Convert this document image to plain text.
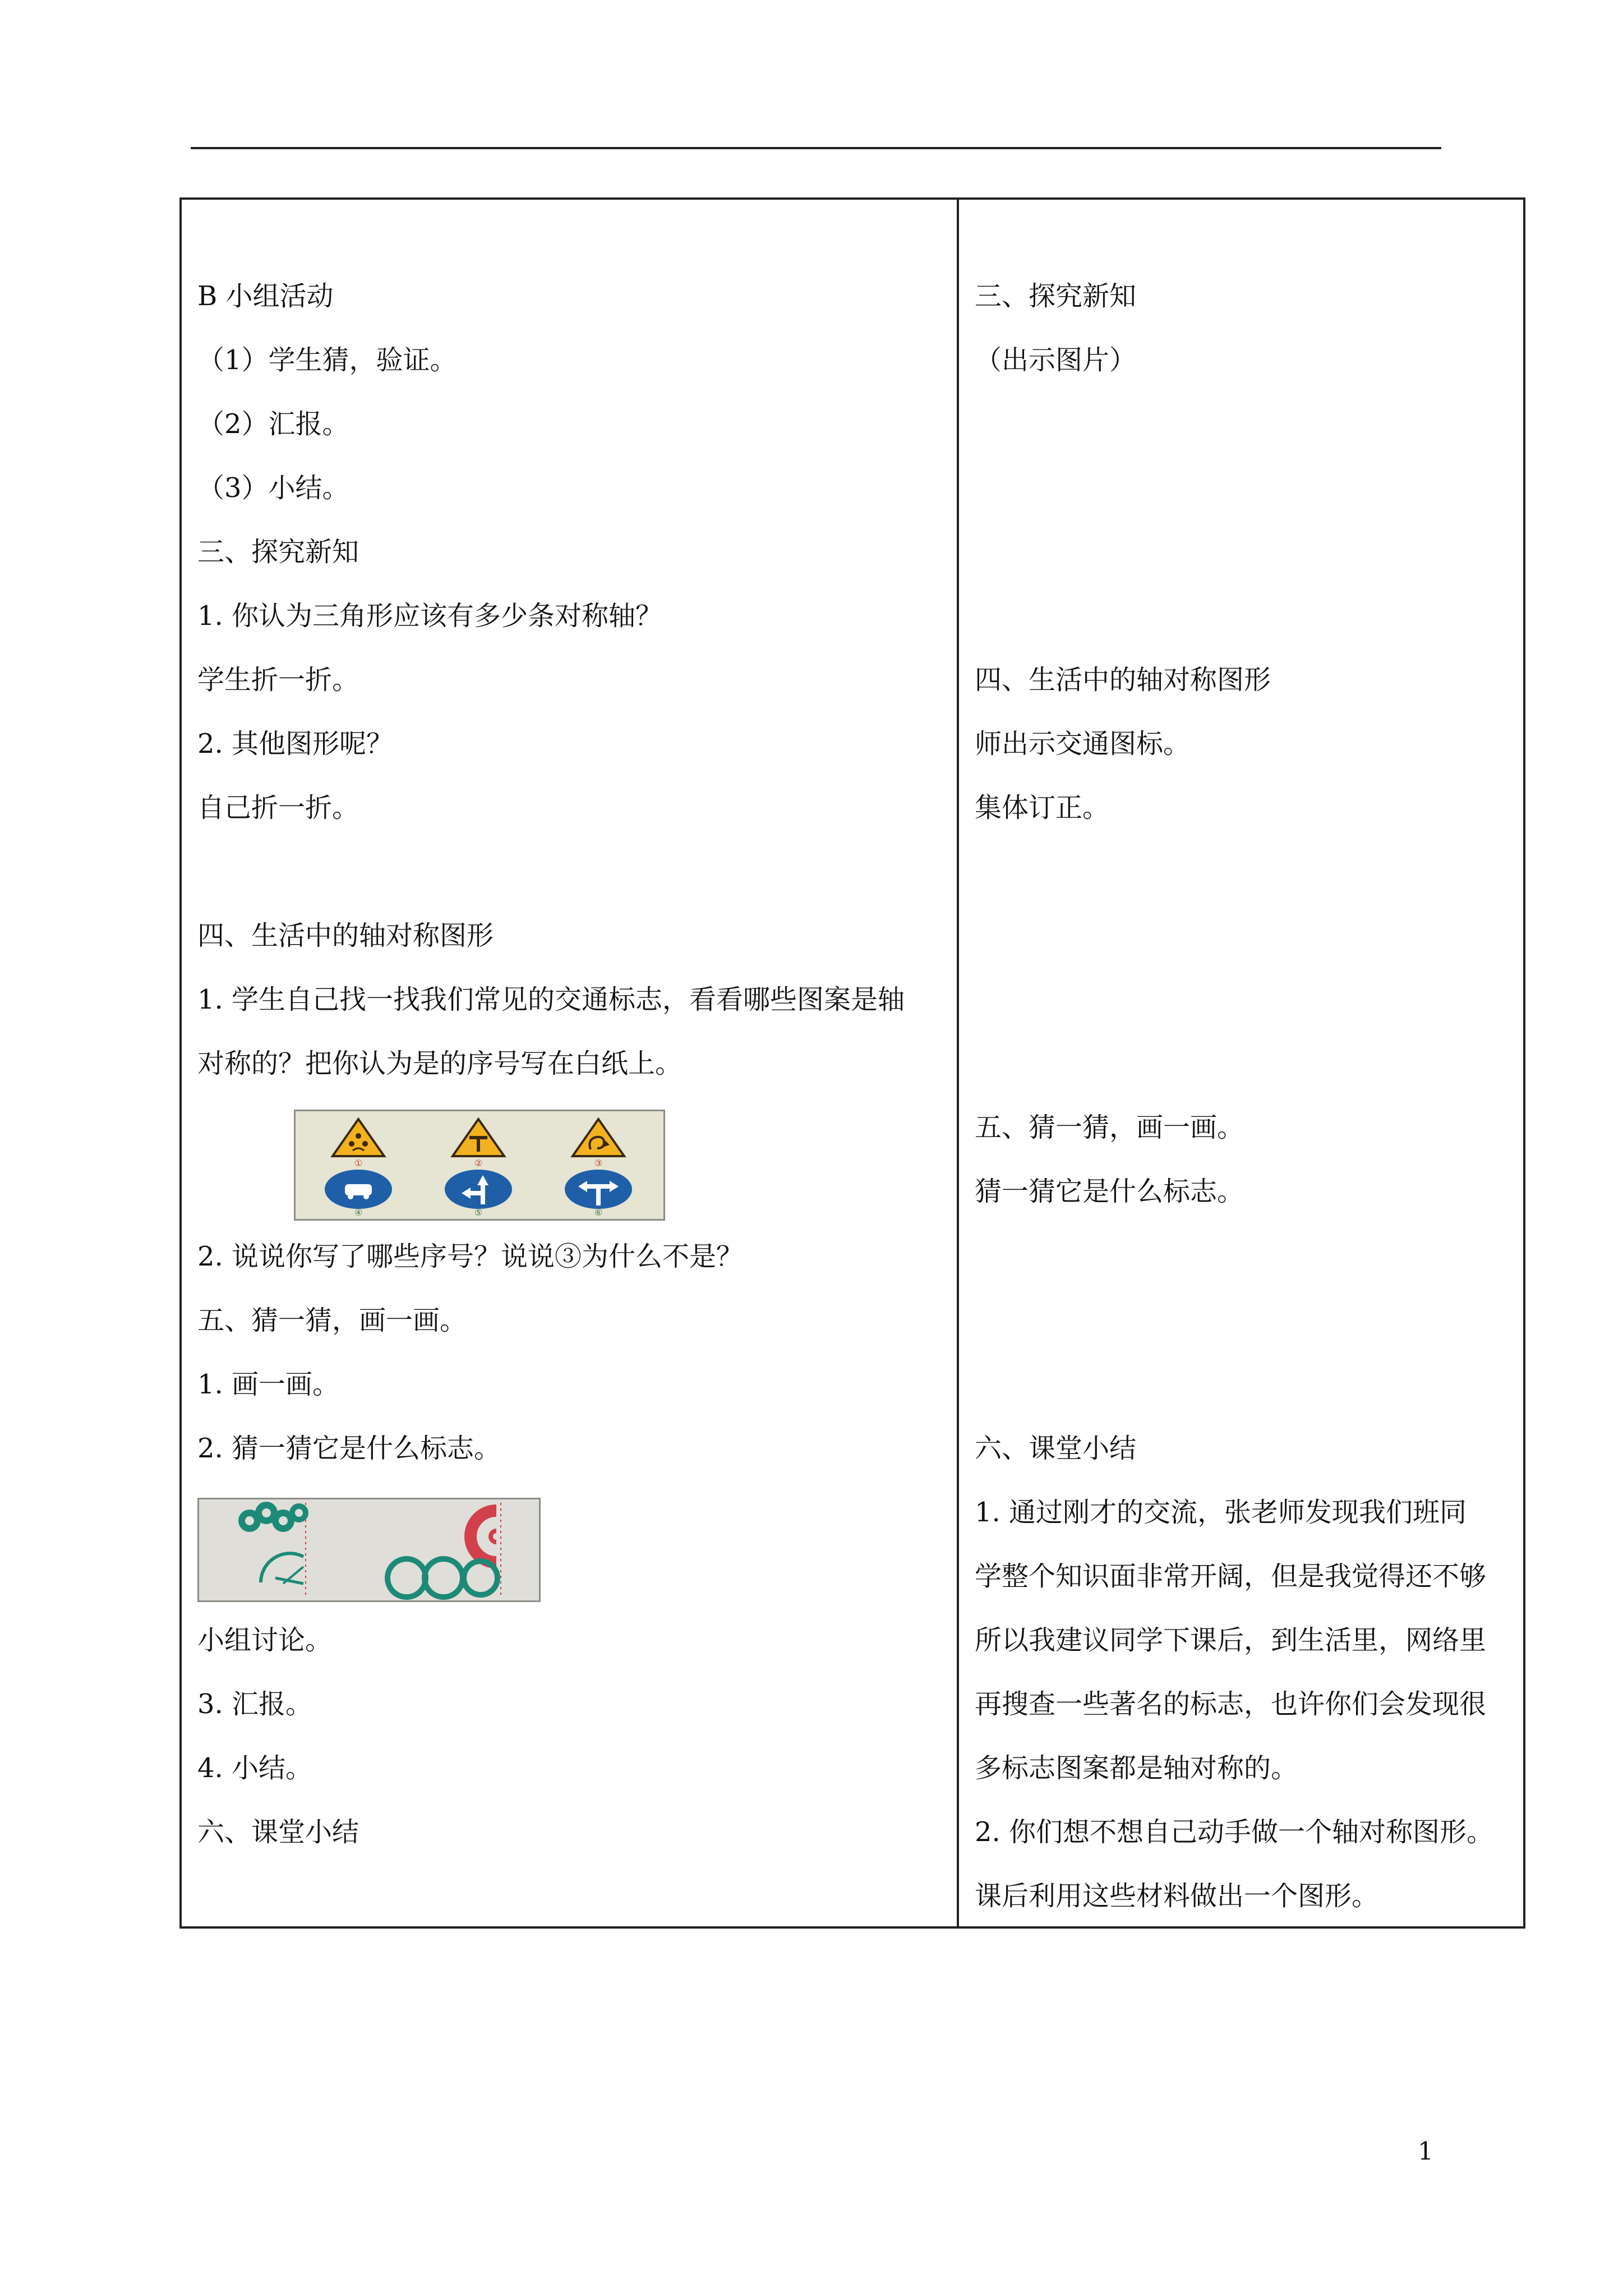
B 小组活动
（1）学生猜，验证。
（2）汇报。
（3）小结。
三、探究新知
1. 你认为三角形应该有多少条对称轴？
学生折一折。
2. 其他图形呢？
自己折一折。
四、生活中的轴对称图形
1. 学生自己找一找我们常见的交通标志，看看哪些图案是轴
对称的？把你认为是的序号写在白纸上。
①	②	③
④	⑤	⑥
2. 说说你写了哪些序号？说说③为什么不是？
五、猜一猜，画一画。
1. 画一画。
2. 猜一猜它是什么标志。
小组讨论。
3. 汇报。
4. 小结。
六、课堂小结
三、探究新知
（出示图片）
四、生活中的轴对称图形
师出示交通图标。
集体订正。
五、猜一猜，画一画。
猜一猜它是什么标志。
六、课堂小结
1. 通过刚才的交流，张老师发现我们班同
学整个知识面非常开阔，但是我觉得还不够
所以我建议同学下课后，到生活里，网络里
再搜查一些著名的标志，也许你们会发现很
多标志图案都是轴对称的。
2. 你们想不想自己动手做一个轴对称图形。
课后利用这些材料做出一个图形。
1
